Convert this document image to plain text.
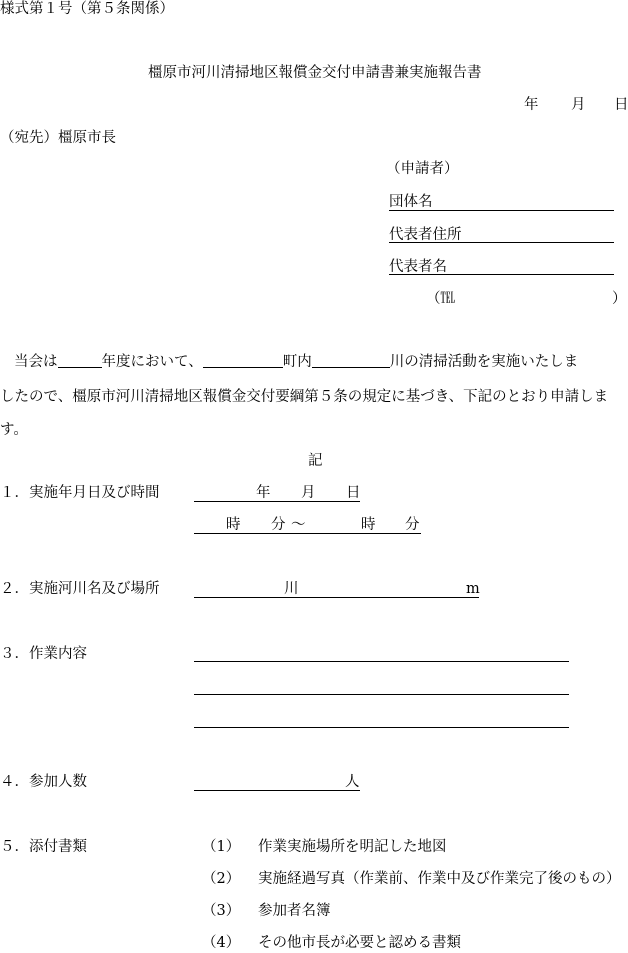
様式第１号（第５条関係）
橿原市河川清掃地区報償金交付申請書兼実施報告書
年 月 日
（宛先）橿原市長
（申請者）
団体名
代表者住所
代表者名
（℡	）
当会は	年度において、	町内	川の清掃活動を実施いたしま
したので、橿原市河川清掃地区報償金交付要綱第５条の規定に基づき、下記のとおり申請しま
す。
記
１．実施年月日及び時間	年 月 日
時 分 ～	時 分
２．実施河川名及び場所	川	m
３．作業内容
４．参加人数	人
５．添付書類	（1） 作業実施場所を明記した地図
（2） 実施経過写真（作業前、作業中及び作業完了後のもの）
（3） 参加者名簿
（4） その他市長が必要と認める書類
